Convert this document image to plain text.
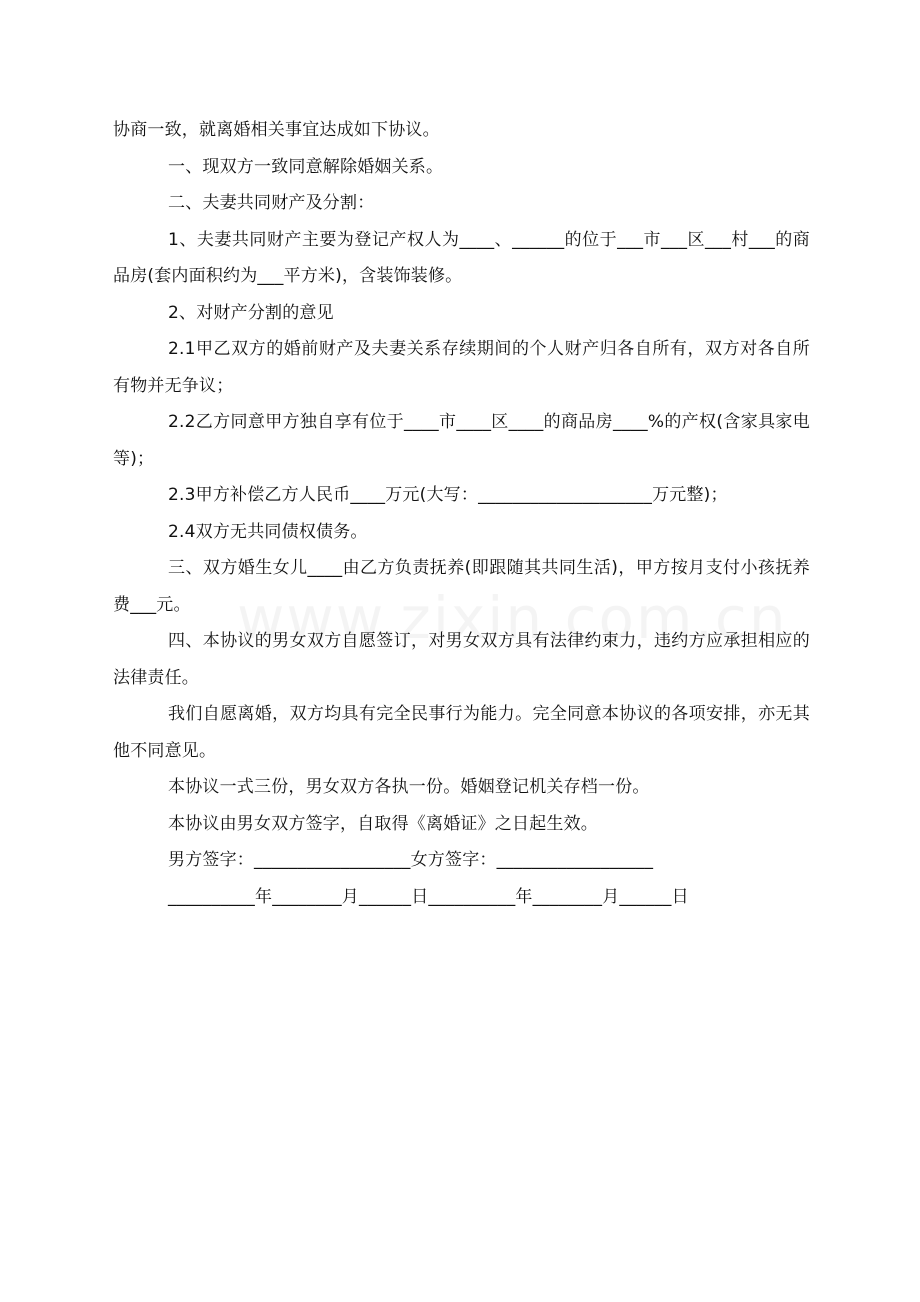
协商一致，就离婚相关事宜达成如下协议。

一、现双方一致同意解除婚姻关系。

二、夫妻共同财产及分割：

1、夫妻共同财产主要为登记产权人为____、______的位于___市___区___村___的商品房(套内面积约为___平方米)，含装饰装修。

2、对财产分割的意见

2.1甲乙双方的婚前财产及夫妻关系存续期间的个人财产归各自所有，双方对各自所有物并无争议；

2.2乙方同意甲方独自享有位于____市____区____的商品房____%的产权(含家具家电等)；

2.3甲方补偿乙方人民币____万元(大写：____________________万元整)；

2.4双方无共同债权债务。

三、双方婚生女儿____由乙方负责抚养(即跟随其共同生活)，甲方按月支付小孩抚养费___元。

四、本协议的男女双方自愿签订，对男女双方具有法律约束力，违约方应承担相应的法律责任。

我们自愿离婚，双方均具有完全民事行为能力。完全同意本协议的各项安排，亦无其他不同意见。

本协议一式三份，男女双方各执一份。婚姻登记机关存档一份。

本协议由男女双方签字，自取得《离婚证》之日起生效。

男方签字：__________________女方签字：__________________

__________年________月______日__________年________月______日
